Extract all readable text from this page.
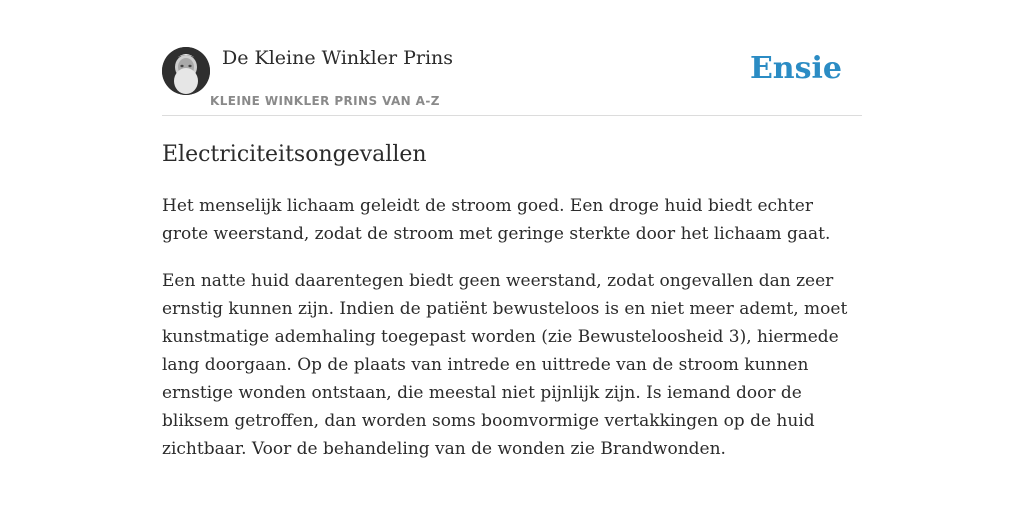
De Kleine Winkler Prins
KLEINE WINKLER PRINS VAN A-Z
Ensie
Electriciteitsongevallen

Het menselijk lichaam geleidt de stroom goed. Een droge huid biedt echter grote weerstand, zodat de stroom met geringe sterkte door het lichaam gaat.

Een natte huid daarentegen biedt geen weerstand, zodat ongevallen dan zeer ernstig kunnen zijn. Indien de patiënt bewusteloos is en niet meer ademt, moet kunstmatige ademhaling toegepast worden (zie Bewusteloosheid 3), hiermede lang doorgaan. Op de plaats van intrede en uittrede van de stroom kunnen ernstige wonden ontstaan, die meestal niet pijnlijk zijn. Is iemand door de bliksem getroffen, dan worden soms boomvormige vertakkingen op de huid zichtbaar. Voor de behandeling van de wonden zie Brandwonden.
